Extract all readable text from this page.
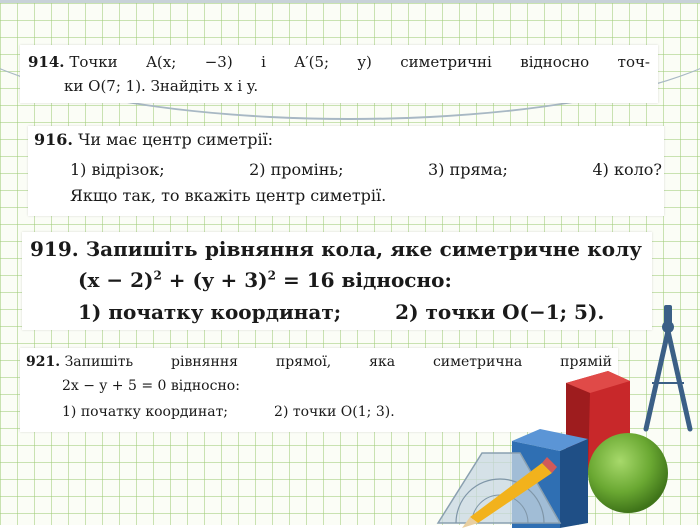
914. Точки A(x; −3) і A′(5; y) симетричні відносно точ-

ки O(7; 1). Знайдіть x і y.

916. Чи має центр симетрії:

1) відрізок;	2) промінь;	3) пряма;	4) коло?

Якщо так, то вкажіть центр симетрії.

919. Запишіть рівняння кола, яке симетричне колу

$(x - 2)^2 + (y + 3)^2 = 16$ відносно:

1) початку координат;	2) точки O(−1; 5).

921. Запишіть	рівняння	прямої,	яка	симетрична	прямій

2x − y + 5 = 0 відносно:

1) початку координат;	2) точки O(1; 3).
